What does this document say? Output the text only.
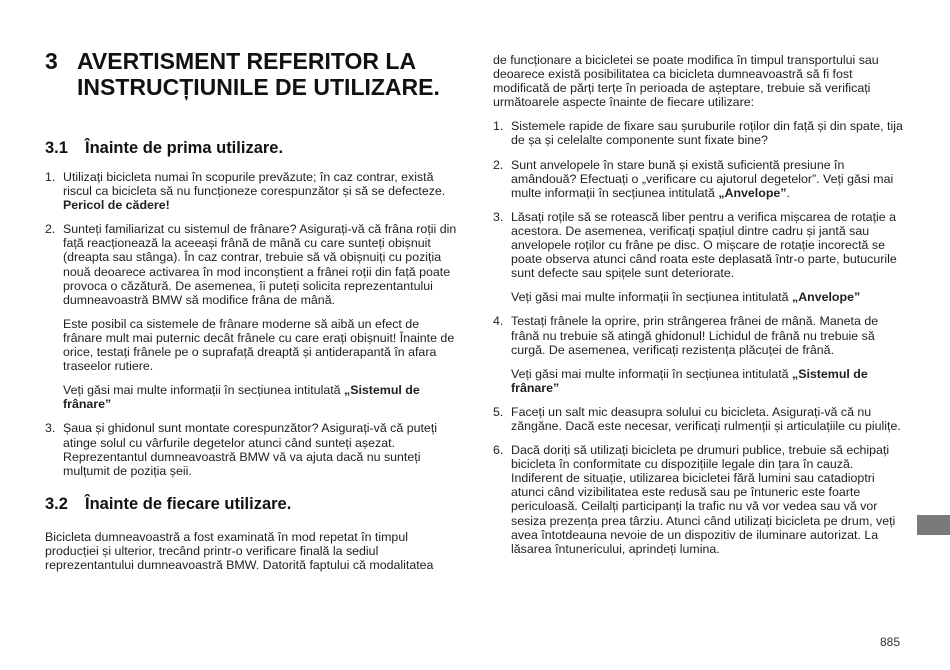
3 AVERTISMENT REFERITOR LA INSTRUCȚIUNILE DE UTILIZARE.
3.1	Înainte de prima utilizare.
1. Utilizați bicicleta numai în scopurile prevăzute; în caz contrar, există riscul ca bicicleta să nu funcționeze corespunzător și să se defecteze. Pericol de cădere!
2. Sunteți familiarizat cu sistemul de frânare? Asigurați-vă că frâna roții din față reacționează la aceeași frână de mână cu care sunteți obișnuit (dreapta sau stânga). În caz contrar, trebuie să vă obișnuiți cu poziția nouă deoarece activarea în mod inconștient a frânei roții din față poate provoca o căzătură. De asemenea, îi puteți solicita reprezentantului dumneavoastră BMW să modifice frâna de mână.
Este posibil ca sistemele de frânare moderne să aibă un efect de frânare mult mai puternic decât frânele cu care erați obișnuit! Înainte de orice, testați frânele pe o suprafață dreaptă și antiderapantă în afara traseelor rutiere.
Veți găsi mai multe informații în secțiunea intitulată „Sistemul de frânare”
3. Șaua și ghidonul sunt montate corespunzător? Asigurați-vă că puteți atinge solul cu vârfurile degetelor atunci când sunteți așezat. Reprezentantul dumneavoastră BMW vă va ajuta dacă nu sunteți mulțumit de poziția șeii.
3.2	Înainte de fiecare utilizare.

Bicicleta dumneavoastră a fost examinată în mod repetat în timpul producției și ulterior, trecând printr-o verificare finală la sediul reprezentantului dumneavoastră BMW. Datorită faptului că modalitatea

de funcționare a bicicletei se poate modifica în timpul transportului sau deoarece există posibilitatea ca bicicleta dumneavoastră să fi fost modificată de părți terțe în perioada de așteptare, trebuie să verificați următoarele aspecte înainte de fiecare utilizare:

1. Sistemele rapide de fixare sau șuruburile roților din față și din spate, tija de șa și celelalte componente sunt fixate bine?
2. Sunt anvelopele în stare bună și există suficientă presiune în amândouă? Efectuați o „verificare cu ajutorul degetelor”. Veți găsi mai multe informații în secțiunea intitulată „Anvelope”.
3. Lăsați roțile să se rotească liber pentru a verifica mișcarea de rotație a acestora. De asemenea, verificați spațiul dintre cadru și jantă sau anvelopele roților cu frâne pe disc. O mișcare de rotație incorectă se poate observa atunci când roata este deplasată într-o parte, butucurile sunt defecte sau spițele sunt deteriorate.
Veți găsi mai multe informații în secțiunea intitulată „Anvelope”
4. Testați frânele la oprire, prin strângerea frânei de mână. Maneta de frână nu trebuie să atingă ghidonul! Lichidul de frână nu trebuie să curgă. De asemenea, verificați rezistența plăcuței de frână.
Veți găsi mai multe informații în secțiunea intitulată „Sistemul de frânare”
5. Faceți un salt mic deasupra solului cu bicicleta. Asigurați-vă că nu zăngăne. Dacă este necesar, verificați rulmenții și articulațiile cu piulițe.
6. Dacă doriți să utilizați bicicleta pe drumuri publice, trebuie să echipați bicicleta în conformitate cu dispozițiile legale din țara în cauză. Indiferent de situație, utilizarea bicicletei fără lumini sau catadioptri atunci când vizibilitatea este redusă sau pe întuneric este foarte periculoasă. Ceilalți participanți la trafic nu vă vor vedea sau vă vor sesiza prezența prea târziu. Atunci când utilizați bicicleta pe drum, veți avea întotdeauna nevoie de un dispozitiv de iluminare autorizat. La lăsarea întunericului, aprindeți lumina.
885
